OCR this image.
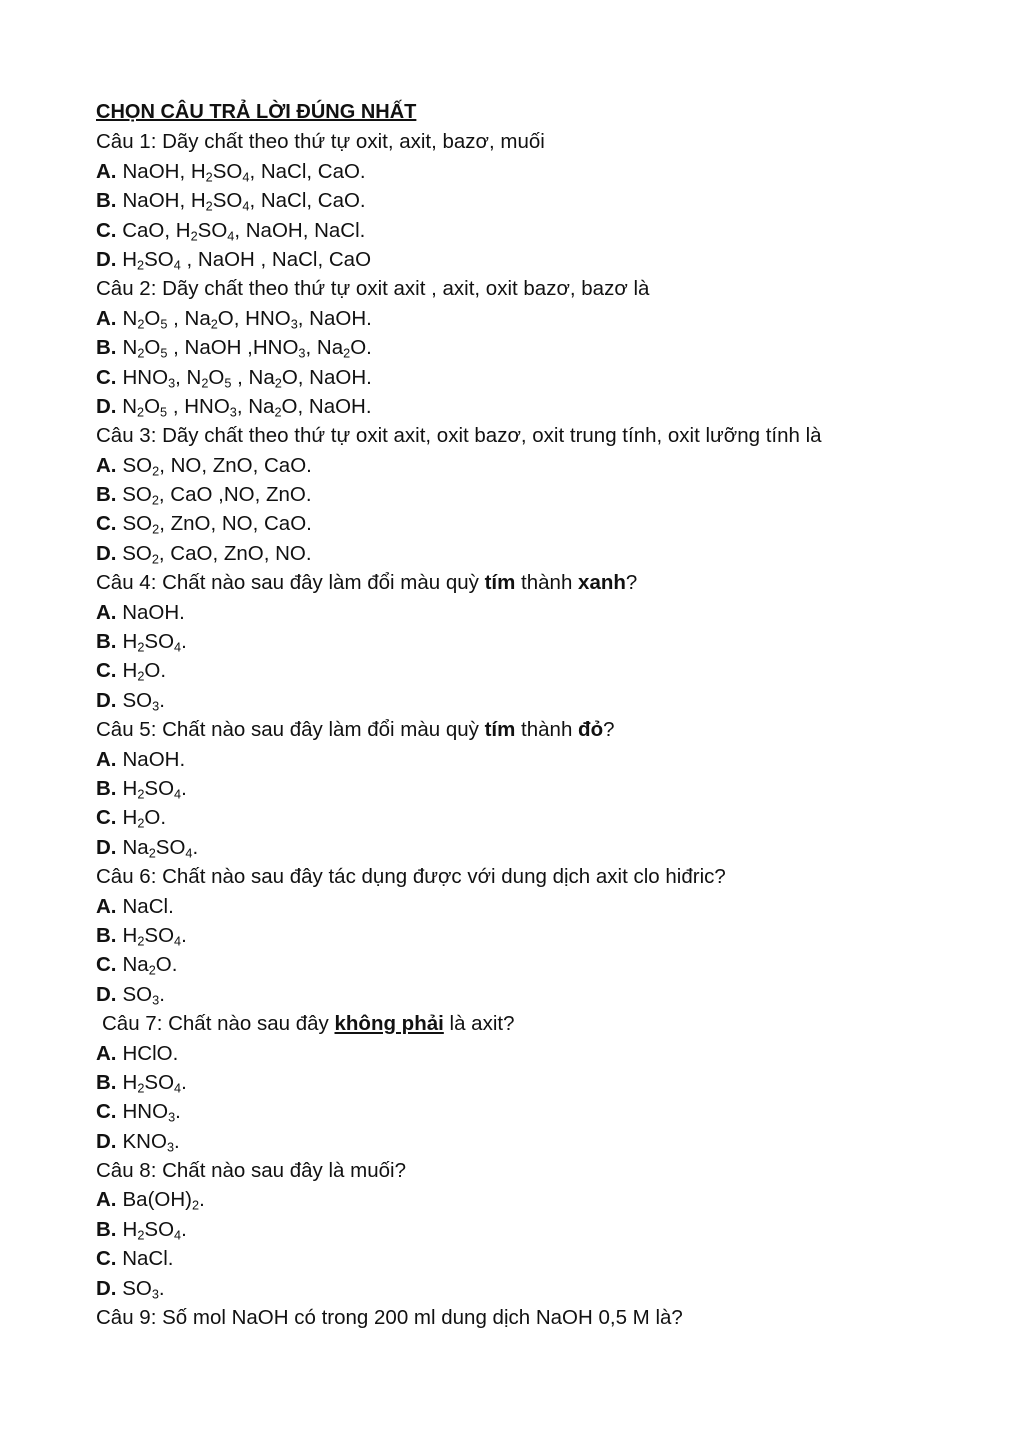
CHỌN CÂU TRẢ LỜI ĐÚNG NHẤT
Câu 1: Dãy chất theo thứ tự oxit, axit, bazơ, muối
A. NaOH, $H_2SO_4$, NaCl, CaO.
B. NaOH, $H_2SO_4$, NaCl, CaO.
C. CaO, $H_2SO_4$, NaOH, NaCl.
D. $H_2SO_4$ , NaOH , NaCl, CaO
Câu 2: Dãy chất theo thứ tự oxit axit , axit, oxit bazơ, bazơ là
A. $N_2O_5$ , $Na_2O$, $HNO_3$, NaOH.
B. $N_2O_5$ , NaOH $,HNO_3$, $Na_2O$.
C. $HNO_3$, $N_2O_5$ , $Na_2O$, NaOH.
D. $N_2O_5$ , $HNO_3$, $Na_2O$, NaOH.
Câu 3: Dãy chất theo thứ tự oxit axit, oxit bazơ, oxit trung tính, oxit lưỡng tính là
A. $SO_2$, NO, ZnO, CaO.
B. $SO_2$, CaO ,NO, ZnO.
C. $SO_2$, ZnO, NO, CaO.
D. $SO_2$, CaO, ZnO, NO.
Câu 4: Chất nào sau đây làm đổi màu quỳ tím thành xanh?
A. NaOH.
B. $H_2SO_4$.
C. $H_2O$.
D. $SO_3$.
Câu 5: Chất nào sau đây làm đổi màu quỳ tím thành đỏ?
A. NaOH.
B. $H_2SO_4$.
C. $H_2O$.
D. $Na_2SO_4$.
Câu 6: Chất nào sau đây tác dụng được với dung dịch axit clo hiđric?
A. NaCl.
B. $H_2SO_4$.
C. $Na_2O$.
D. $SO_3$.
Câu 7: Chất nào sau đây không phải là axit?
A. HClO.
B. $H_2SO_4$.
C. $HNO_3$.
D. $KNO_3$.
Câu 8: Chất nào sau đây là muối?
A. $Ba(OH)_2$.
B. $H_2SO_4$.
C. NaCl.
D. $SO_3$.
Câu 9: Số mol NaOH có trong 200 ml dung dịch NaOH 0,5 M là?
